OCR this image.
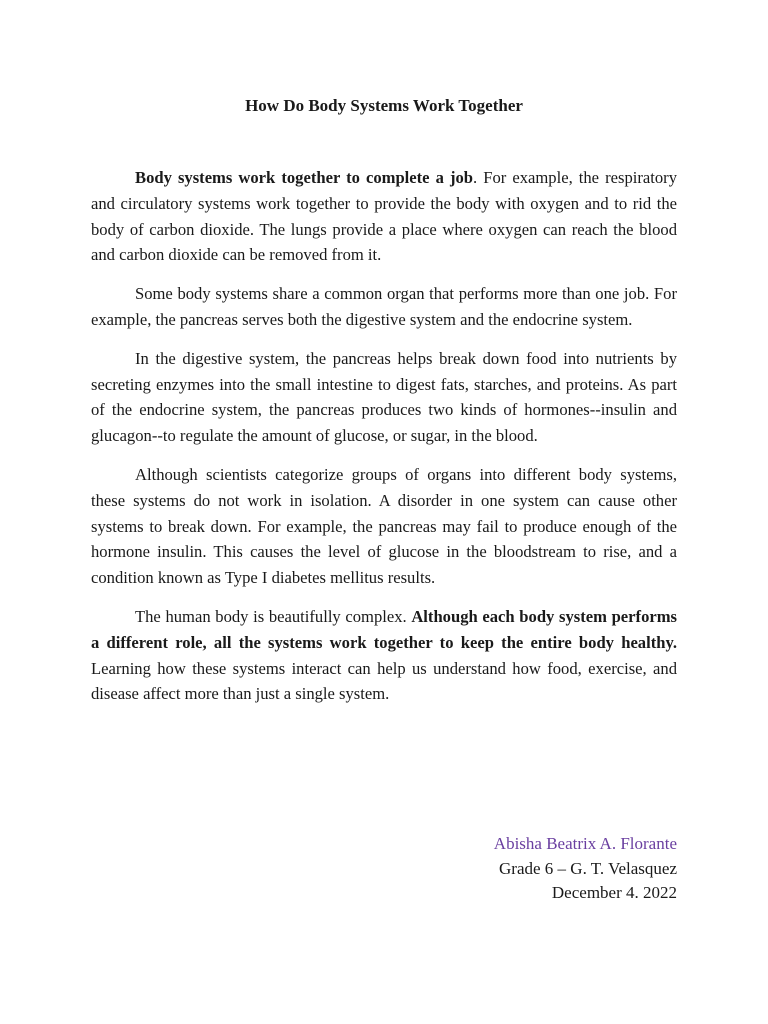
How Do Body Systems Work Together

Body systems work together to complete a job. For example, the respiratory and circulatory systems work together to provide the body with oxygen and to rid the body of carbon dioxide. The lungs provide a place where oxygen can reach the blood and carbon dioxide can be removed from it.

Some body systems share a common organ that performs more than one job. For example, the pancreas serves both the digestive system and the endocrine system.

In the digestive system, the pancreas helps break down food into nutrients by secreting enzymes into the small intestine to digest fats, starches, and proteins. As part of the endocrine system, the pancreas produces two kinds of hormones--insulin and glucagon--to regulate the amount of glucose, or sugar, in the blood.

Although scientists categorize groups of organs into different body systems, these systems do not work in isolation. A disorder in one system can cause other systems to break down. For example, the pancreas may fail to produce enough of the hormone insulin. This causes the level of glucose in the bloodstream to rise, and a condition known as Type I diabetes mellitus results.

The human body is beautifully complex. Although each body system performs a different role, all the systems work together to keep the entire body healthy. Learning how these systems interact can help us understand how food, exercise, and disease affect more than just a single system.

Abisha Beatrix A. Florante
Grade 6 – G. T. Velasquez
December 4. 2022
